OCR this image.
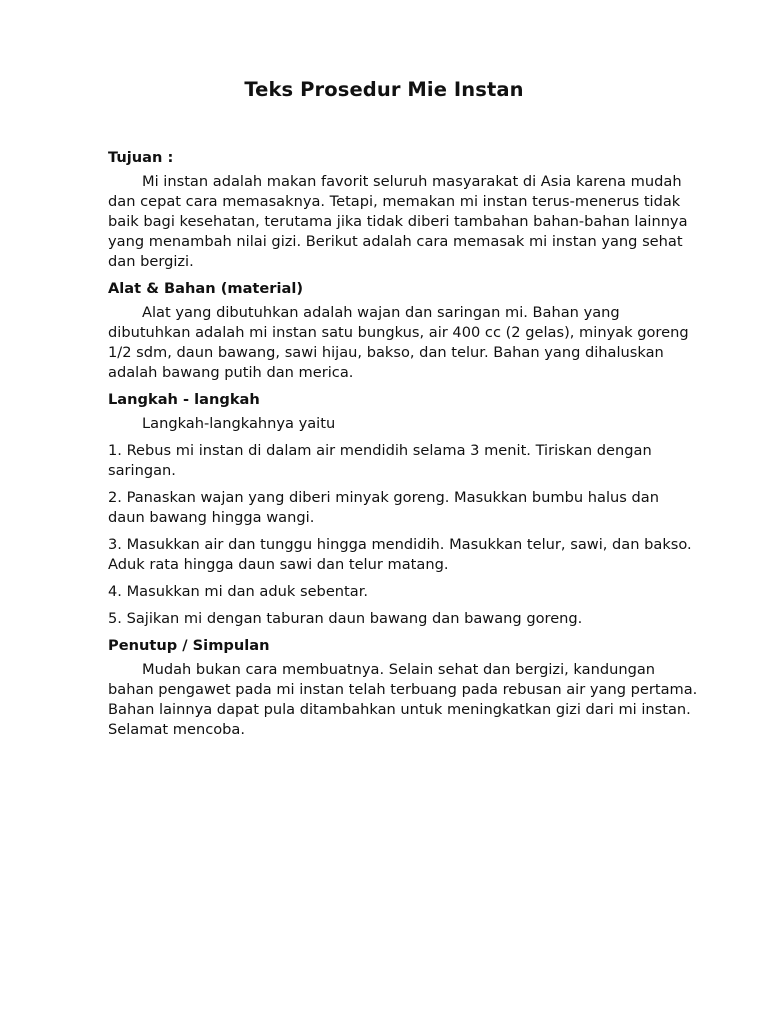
Teks Prosedur Mie Instan

Tujuan :

Mi instan adalah makan favorit seluruh masyarakat di Asia karena mudah dan cepat cara memasaknya. Tetapi, memakan mi instan terus-menerus tidak baik bagi kesehatan, terutama jika tidak diberi tambahan bahan-bahan lainnya yang menambah nilai gizi. Berikut adalah cara memasak mi instan yang sehat dan bergizi.

Alat & Bahan (material)

Alat yang dibutuhkan adalah wajan dan saringan mi. Bahan yang dibutuhkan adalah mi instan satu bungkus, air 400 cc (2 gelas), minyak goreng 1/2 sdm, daun bawang, sawi hijau, bakso, dan telur. Bahan yang dihaluskan adalah bawang putih dan merica.

Langkah - langkah

Langkah-langkahnya yaitu

1. Rebus mi instan di dalam air mendidih selama 3 menit. Tiriskan dengan saringan.

2. Panaskan wajan yang diberi minyak goreng. Masukkan bumbu halus dan daun bawang hingga wangi.

3. Masukkan air dan tunggu hingga mendidih. Masukkan telur, sawi, dan bakso. Aduk rata hingga daun sawi dan telur matang.

4. Masukkan mi dan aduk sebentar.

5. Sajikan mi dengan taburan daun bawang dan bawang goreng.

Penutup / Simpulan

Mudah bukan cara membuatnya. Selain sehat dan bergizi, kandungan bahan pengawet pada mi instan telah terbuang pada rebusan air yang pertama. Bahan lainnya dapat pula ditambahkan untuk meningkatkan gizi dari mi instan. Selamat mencoba.
